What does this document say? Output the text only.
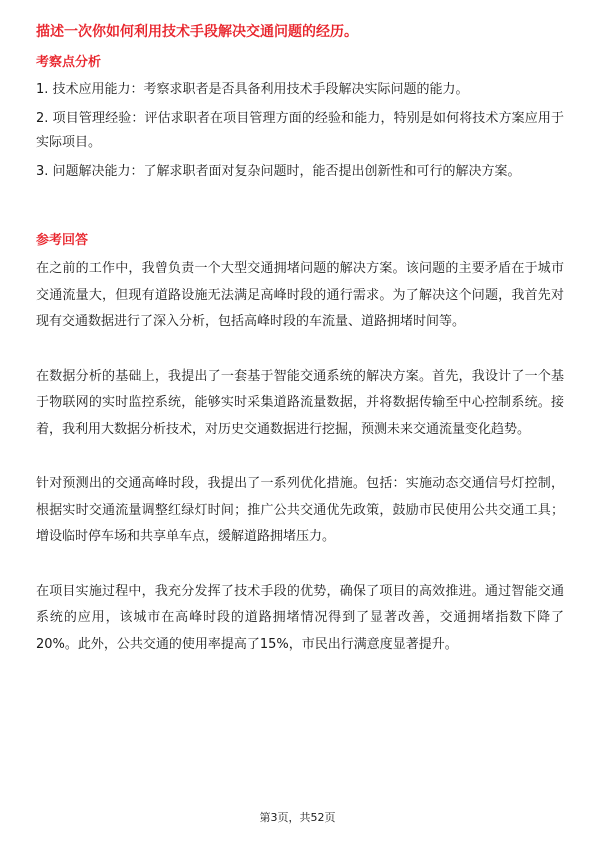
描述一次你如何利用技术手段解决交通问题的经历。
考察点分析
1. 技术应用能力：考察求职者是否具备利用技术手段解决实际问题的能力。
2. 项目管理经验：评估求职者在项目管理方面的经验和能力，特别是如何将技术方案应用于实际项目。
3. 问题解决能力：了解求职者面对复杂问题时，能否提出创新性和可行的解决方案。
参考回答

在之前的工作中，我曾负责一个大型交通拥堵问题的解决方案。该问题的主要矛盾在于城市交通流量大，但现有道路设施无法满足高峰时段的通行需求。为了解决这个问题，我首先对现有交通数据进行了深入分析，包括高峰时段的车流量、道路拥堵时间等。

在数据分析的基础上，我提出了一套基于智能交通系统的解决方案。首先，我设计了一个基于物联网的实时监控系统，能够实时采集道路流量数据，并将数据传输至中心控制系统。接着，我利用大数据分析技术，对历史交通数据进行挖掘，预测未来交通流量变化趋势。

针对预测出的交通高峰时段，我提出了一系列优化措施。包括：实施动态交通信号灯控制，根据实时交通流量调整红绿灯时间；推广公共交通优先政策，鼓励市民使用公共交通工具；增设临时停车场和共享单车点，缓解道路拥堵压力。

在项目实施过程中，我充分发挥了技术手段的优势，确保了项目的高效推进。通过智能交通系统的应用，该城市在高峰时段的道路拥堵情况得到了显著改善，交通拥堵指数下降了20%。此外，公共交通的使用率提高了15%，市民出行满意度显著提升。

第3页，共52页
